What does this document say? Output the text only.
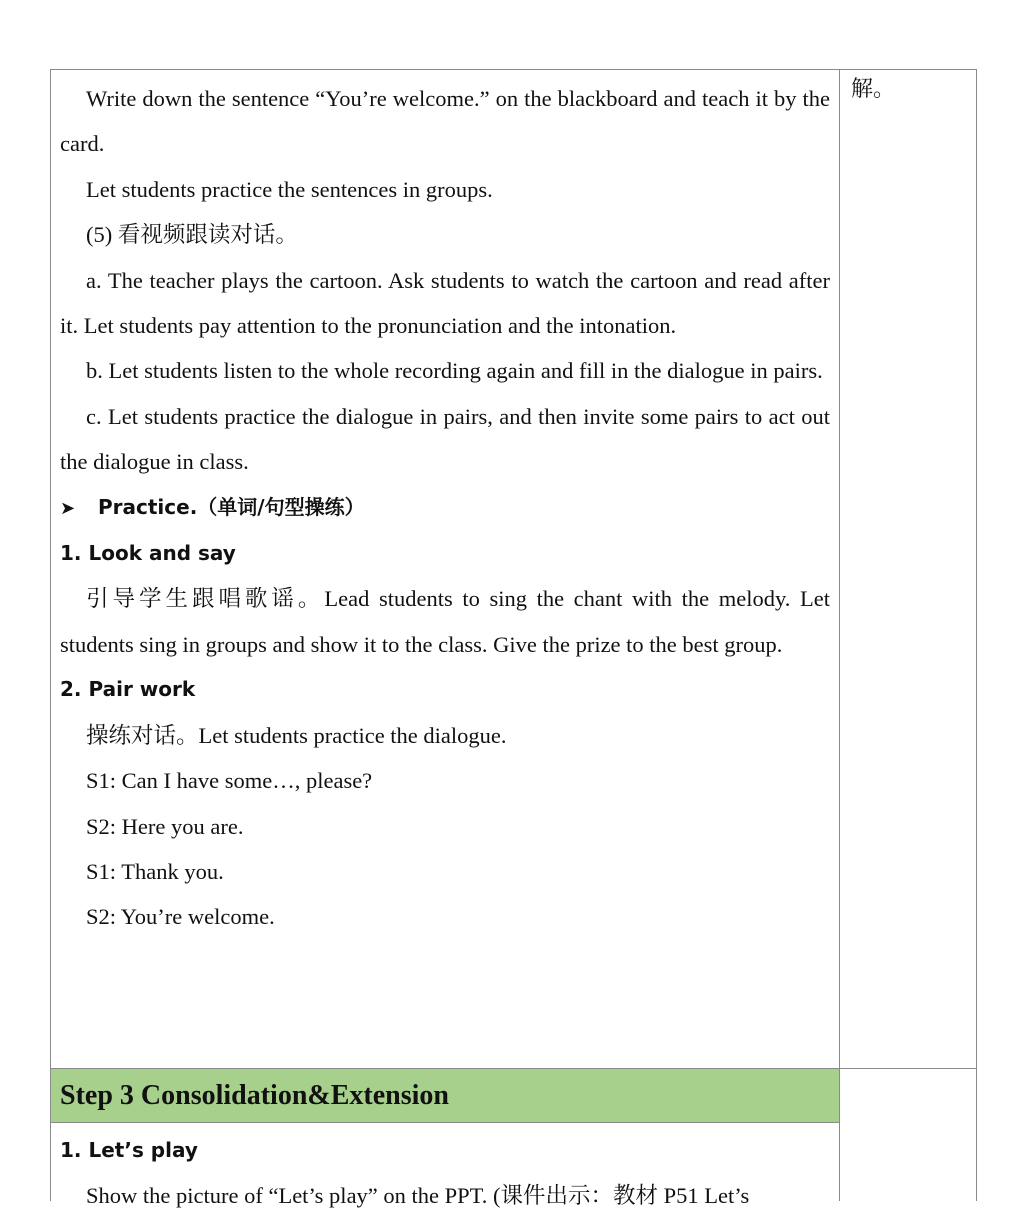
解。

Write down the sentence “You’re welcome.” on the blackboard and teach it by the card.

Let students practice the sentences in groups.

(5) 看视频跟读对话。

a. The teacher plays the cartoon. Ask students to watch the cartoon and read after it. Let students pay attention to the pronunciation and the intonation.

b. Let students listen to the whole recording again and fill in the dialogue in pairs.

c. Let students practice the dialogue in pairs, and then invite some pairs to act out the dialogue in class.

➤ Practice.（单词/句型操练）

1. Look and say

引导学生跟唱歌谣。Lead students to sing the chant with the melody. Let students sing in groups and show it to the class. Give the prize to the best group.

2. Pair work

操练对话。Let students practice the dialogue.

S1: Can I have some…, please?

S2: Here you are.

S1: Thank you.

S2: You’re welcome.

Step 3 Consolidation&Extension

1. Let’s play

Show the picture of “Let’s play” on the PPT. (课件出示：教材 P51 Let’s
